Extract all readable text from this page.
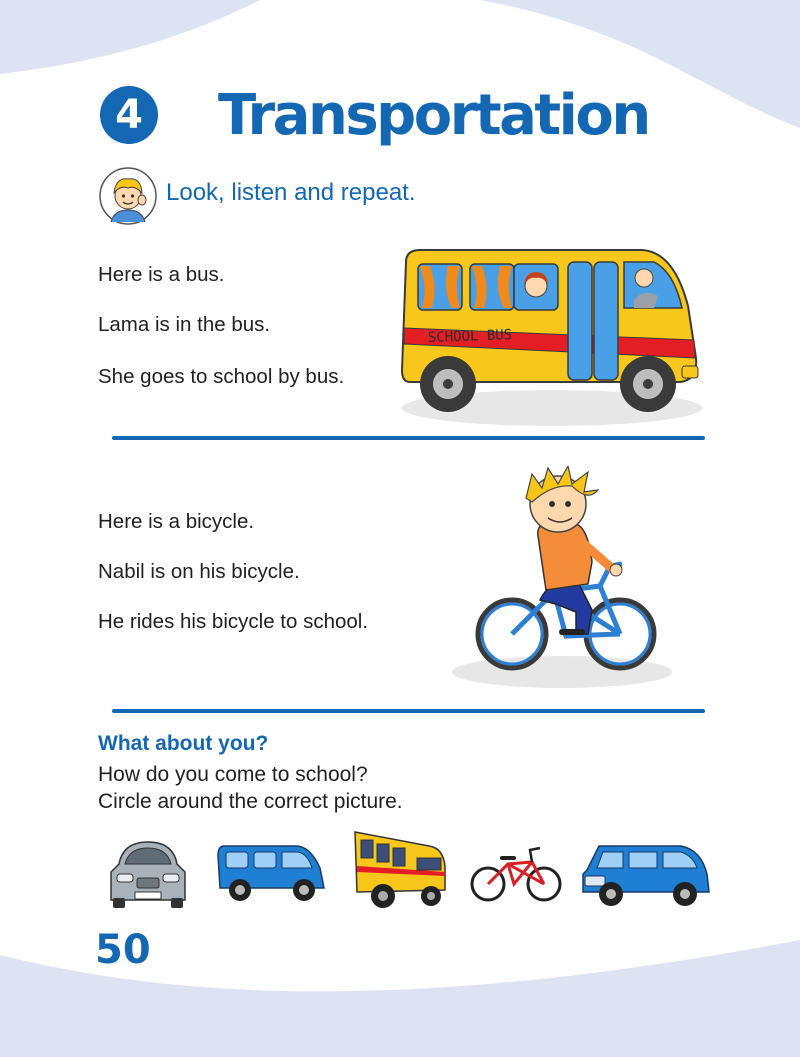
4 Transportation
Look, listen and repeat.
Here is a bus.
Lama is in the bus.
She goes to school by bus.
SCHOOL BUS
Here is a bicycle.
Nabil is on his bicycle.
He rides his bicycle to school.
What about you?
How do you come to school?
Circle around the correct picture.
50
